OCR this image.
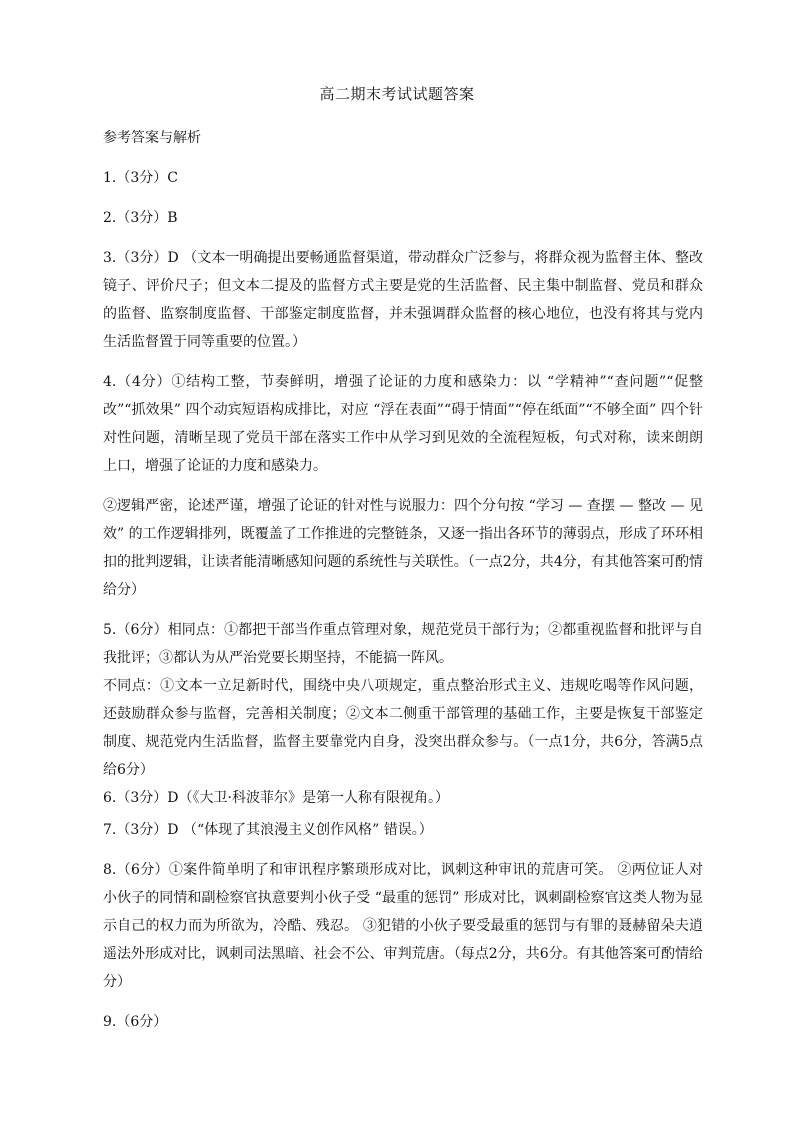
高二期末考试试题答案

参考答案与解析

1.（3分）C

2.（3分）B

3.（3分）D （文本一明确提出要畅通监督渠道，带动群众广泛参与，将群众视为监督主体、整改镜子、评价尺子；但文本二提及的监督方式主要是党的生活监督、民主集中制监督、党员和群众的监督、监察制度监督、干部鉴定制度监督，并未强调群众监督的核心地位，也没有将其与党内生活监督置于同等重要的位置。）

4.（4分）①结构工整，节奏鲜明，增强了论证的力度和感染力：以 “学精神”“查问题”“促整改”“抓效果” 四个动宾短语构成排比，对应 “浮在表面”“碍于情面”“停在纸面”“不够全面” 四个针对性问题，清晰呈现了党员干部在落实工作中从学习到见效的全流程短板，句式对称，读来朗朗上口，增强了论证的力度和感染力。

②逻辑严密，论述严谨，增强了论证的针对性与说服力：四个分句按 “学习 — 查摆 — 整改 — 见效” 的工作逻辑排列，既覆盖了工作推进的完整链条，又逐一指出各环节的薄弱点，形成了环环相扣的批判逻辑，让读者能清晰感知问题的系统性与关联性。（一点2分，共4分，有其他答案可酌情给分）

5.（6分）相同点：①都把干部当作重点管理对象，规范党员干部行为；②都重视监督和批评与自我批评；③都认为从严治党要长期坚持，不能搞一阵风。

不同点：①文本一立足新时代，围绕中央八项规定，重点整治形式主义、违规吃喝等作风问题，还鼓励群众参与监督，完善相关制度；②文本二侧重干部管理的基础工作，主要是恢复干部鉴定制度、规范党内生活监督，监督主要靠党内自身，没突出群众参与。（一点1分，共6分，答满5点给6分）

6.（3分）D（《大卫·科波菲尔》是第一人称有限视角。）

7.（3分）D （“体现了其浪漫主义创作风格” 错误。）

8.（6分）①案件简单明了和审讯程序繁琐形成对比，讽刺这种审讯的荒唐可笑。 ②两位证人对小伙子的同情和副检察官执意要判小伙子受 “最重的惩罚” 形成对比，讽刺副检察官这类人物为显示自己的权力而为所欲为，冷酷、残忍。 ③犯错的小伙子要受最重的惩罚与有罪的聂赫留朵夫逍遥法外形成对比，讽刺司法黑暗、社会不公、审判荒唐。（每点2分，共6分。有其他答案可酌情给分）

9.（6分）
